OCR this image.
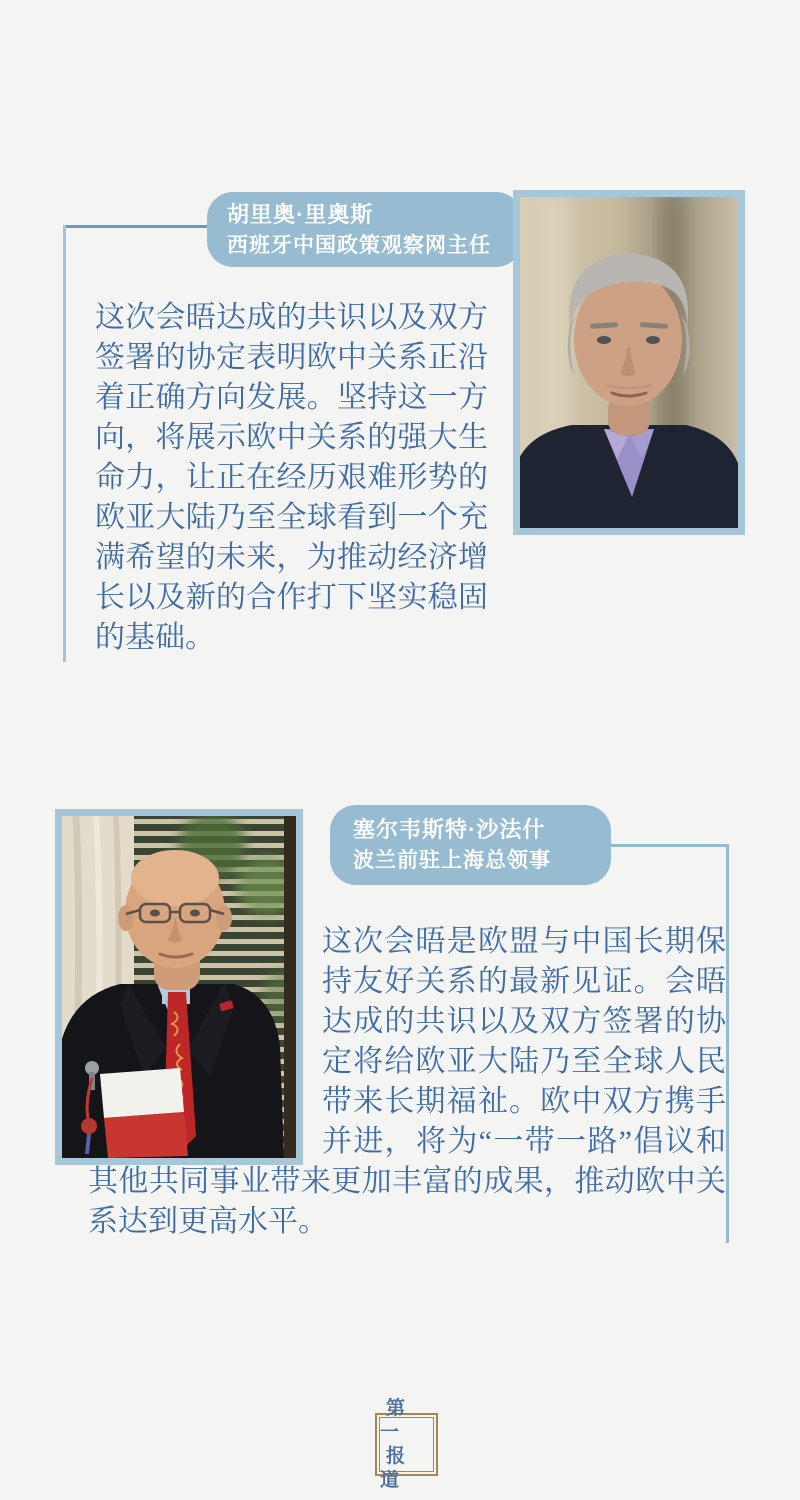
胡里奥·里奥斯
西班牙中国政策观察网主任

这次会晤达成的共识以及双方签署的协定表明欧中关系正沿着正确方向发展。坚持这一方向，将展示欧中关系的强大生命力，让正在经历艰难形势的欧亚大陆乃至全球看到一个充满希望的未来，为推动经济增长以及新的合作打下坚实稳固的基础。

塞尔韦斯特·沙法什
波兰前驻上海总领事

这次会晤是欧盟与中国长期保持友好关系的最新见证。会晤达成的共识以及双方签署的协定将给欧亚大陆乃至全球人民带来长期福祉。欧中双方携手并进，将为“一带一路”倡议和其他共同事业带来更加丰富的成果，推动欧中关系达到更高水平。

第一
报道
